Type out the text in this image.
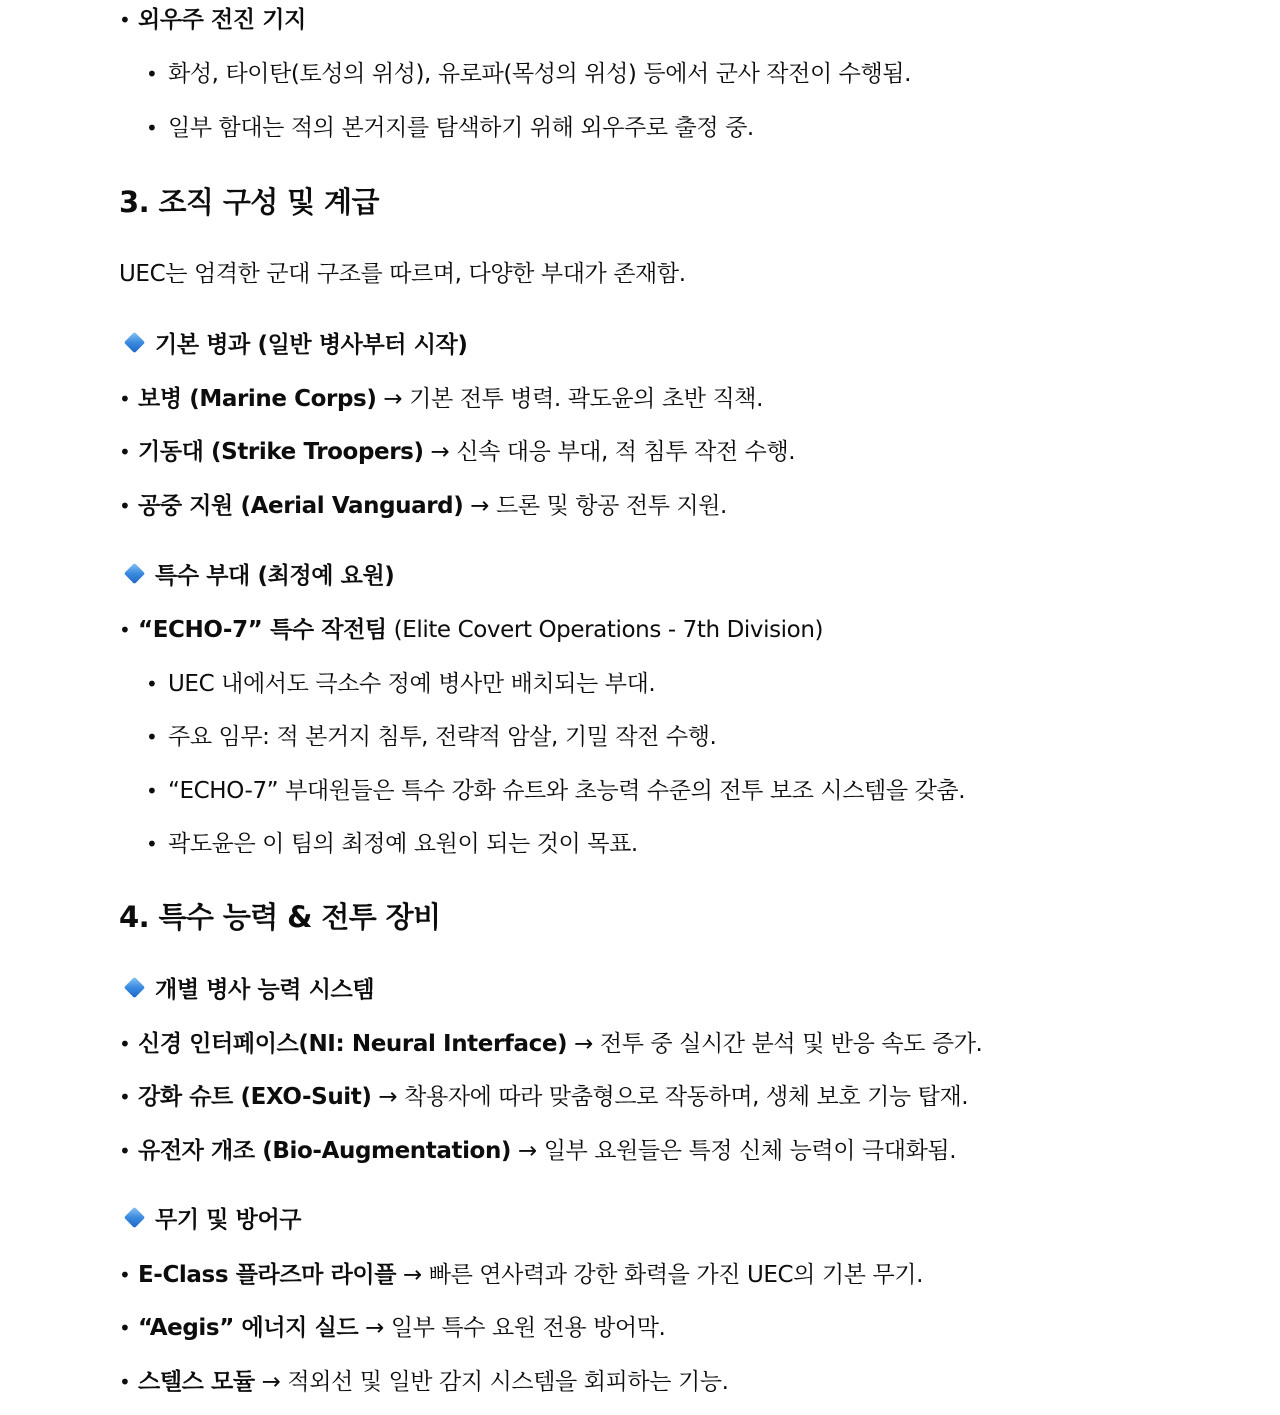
• 외우주 전진 기지
• 화성, 타이탄(토성의 위성), 유로파(목성의 위성) 등에서 군사 작전이 수행됨.
• 일부 함대는 적의 본거지를 탐색하기 위해 외우주로 출정 중.
3. 조직 구성 및 계급
UEC는 엄격한 군대 구조를 따르며, 다양한 부대가 존재함.
기본 병과 (일반 병사부터 시작)
• 보병 (Marine Corps) → 기본 전투 병력. 곽도윤의 초반 직책.
• 기동대 (Strike Troopers) → 신속 대응 부대, 적 침투 작전 수행.
• 공중 지원 (Aerial Vanguard) → 드론 및 항공 전투 지원.
특수 부대 (최정예 요원)
• “ECHO-7” 특수 작전팀 (Elite Covert Operations - 7th Division)
• UEC 내에서도 극소수 정예 병사만 배치되는 부대.
• 주요 임무: 적 본거지 침투, 전략적 암살, 기밀 작전 수행.
• “ECHO-7” 부대원들은 특수 강화 슈트와 초능력 수준의 전투 보조 시스템을 갖춤.
• 곽도윤은 이 팀의 최정예 요원이 되는 것이 목표.
4. 특수 능력 & 전투 장비
개별 병사 능력 시스템
• 신경 인터페이스(NI: Neural Interface) → 전투 중 실시간 분석 및 반응 속도 증가.
• 강화 슈트 (EXO-Suit) → 착용자에 따라 맞춤형으로 작동하며, 생체 보호 기능 탑재.
• 유전자 개조 (Bio-Augmentation) → 일부 요원들은 특정 신체 능력이 극대화됨.
무기 및 방어구
• E-Class 플라즈마 라이플 → 빠른 연사력과 강한 화력을 가진 UEC의 기본 무기.
• “Aegis” 에너지 실드 → 일부 특수 요원 전용 방어막.
• 스텔스 모듈 → 적외선 및 일반 감지 시스템을 회피하는 기능.
